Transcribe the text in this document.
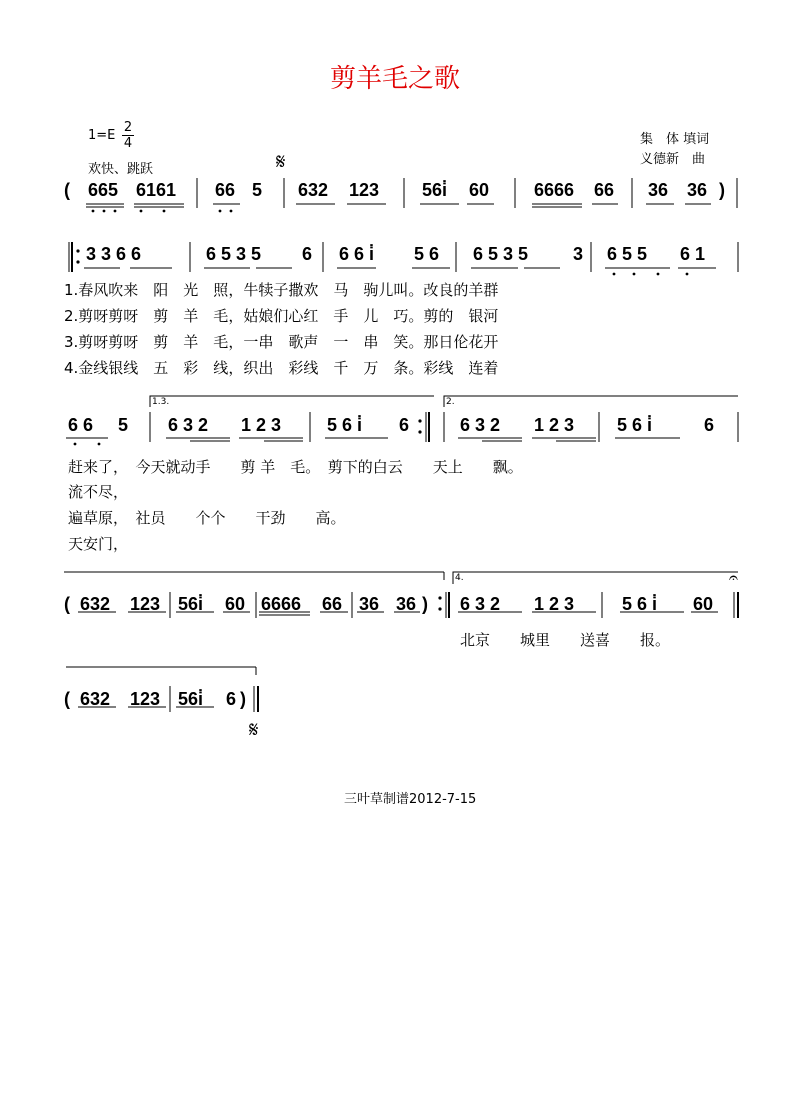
剪羊毛之歌
$1=E \frac{2}{4}$
欢快、跳跃
集　体 填词
义德新　曲
𝄋
( 665 6161 66 5 632 123 56i̇ 60 6666 66 36 36 )
3 3 6 6	6 5 3 5 6 6 6 i̇ 5 6 6 5 3 5 3 6 5 5 6 1
1.春风吹来　阳　光　照，牛犊子撒欢　马　驹儿叫。改良的羊群
2.剪呀剪呀　剪　羊　毛，姑娘们心红　手　儿　巧。剪的　银河
3.剪呀剪呀　剪　羊　毛，一串　歌声　一　串　笑。那日伦花开
4.金线银线　五　彩　线，织出　彩线　千　万　条。彩线　连着
1.3.	2.
6 6 5 6 3 2 1 2 3	5 6 i̇ 6	6 3 2 1 2 3 5 6 i̇	6
赶来了，　今天就动手　　剪 羊　毛。　剪下的白云　　天上　　飘。
流不尽，
遍草原，　社员　　个个　　干劲　　高。
天安门，
4.
( 632 123 56i̇ 60 6666 66 36 36 ) 6 3 2 1 2 3	5 6 i̇ 60
𝄐
北京　　城里　　送喜　　报。
( 632 123 56i̇ 6 )
𝄋
三叶草制谱2012-7-15
